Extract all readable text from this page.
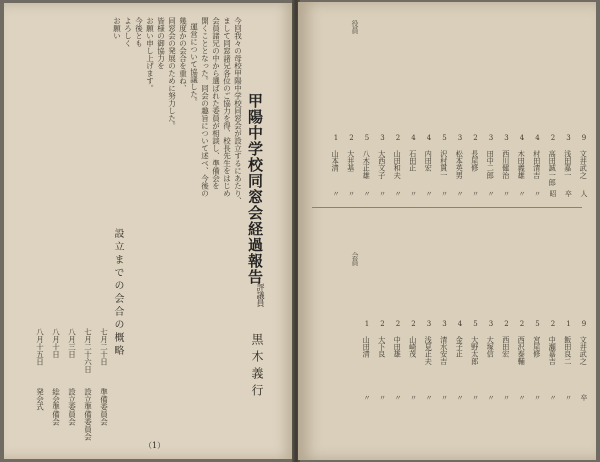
甲陽中学校同窓会経過報告
評議員
黒木義行
今回我々の母校甲陽中学校同窓会が設立するにあたり、
まして同窓諸兄各位のご協力を得、校長先生をはじめ
会員諸兄の中から選ばれた委員が相談し、準備会を
開くこととなった。同会の趣旨について述べ、今後の
運営について協議した。
幾度かの会合を重ね、
同窓会の発展のために努力した。
皆様の御協力を
お願い申し上げます。
今後とも
よろしく
お願い
設立までの会合の概略
七月二十日
準備委員会
七月二十六日
設立準備委員会
八月三日
設立委員会
八月十日
総会準備会
八月十五日
発会式
（1）
役員
9
文井武之
人
3
浅田嘉一
卒
2
高田誠一郎
昭
4
村田清吉
〃
4
木田義雄
〃
3
西川健治
〃
3
田中二郎
〃
2
長尾修
〃
3
松本英男
〃
5
沢村貫一
〃
4
内田宏
〃
4
石田正
〃
2
山田和夫
〃
3
大西文子
〃
5
八木正雄
〃
2
大井基
〃
1
山本清
〃
会員
9
文井武之
卒
1
飯田良二
〃
2
中瀬嘉吉
〃
5
宮尾修
〃
2
西沢泰輔
〃
2
西田宏
〃
3
大塚信
〃
5
大野太郎
〃
4
金子正
〃
3
清水安吉
〃
3
浅見正夫
〃
2
山崎茂
〃
2
中田雄
〃
2
大下良
〃
1
山田清
〃
